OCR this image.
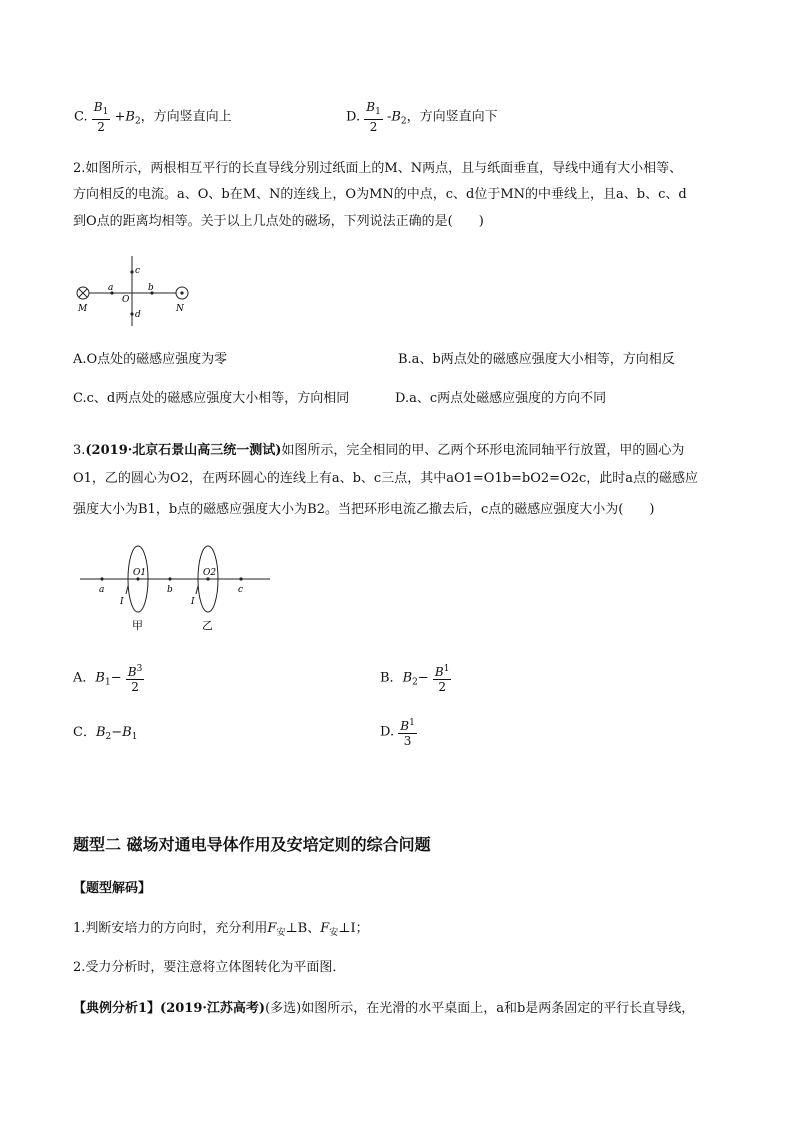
C. $\frac{B_1}{2} +B_2$，方向竖直向上	D. $\frac{B_1}{2} -B_2$，方向竖直向下
2.如图所示，两根相互平行的长直导线分别过纸面上的M、N两点，且与纸面垂直，导线中通有大小相等、
方向相反的电流。a、O、b在M、N的连线上，O为MN的中点，c、d位于MN的中垂线上，且a、b、c、d
到O点的距离均相等。关于以上几点处的磁场，下列说法正确的是(　　)
M	N
a
O
b
c
d
A.O点处的磁感应强度为零	B.a、b两点处的磁感应强度大小相等，方向相反
C.c、d两点处的磁感应强度大小相等，方向相同	D.a、c两点处磁感应强度的方向不同
3.(2019·北京石景山高三统一测试)如图所示，完全相同的甲、乙两个环形电流同轴平行放置，甲的圆心为
O1，乙的圆心为O2，在两环圆心的连线上有a、b、c三点，其中aO1=O1b=bO2=O2c，此时a点的磁感应
强度大小为B1，b点的磁感应强度大小为B2。当把环形电流乙撤去后，c点的磁感应强度大小为(　　)
a
O1
I
b
O2
I
c
甲	乙
A．$B_1- \frac{B^3}{2}$	B．$B_2- \frac{B^1}{2}$
C．$B_2-B_1$	D. $\frac{B^1}{3}$
题型二 磁场对通电导体作用及安培定则的综合问题
【题型解码】
1.判断安培力的方向时，充分利用$F_安\perp B$、$F_安\perp I$；
2.受力分析时，要注意将立体图转化为平面图．
【典例分析1】(2019·江苏高考)(多选)如图所示，在光滑的水平桌面上，a和b是两条固定的平行长直导线，
